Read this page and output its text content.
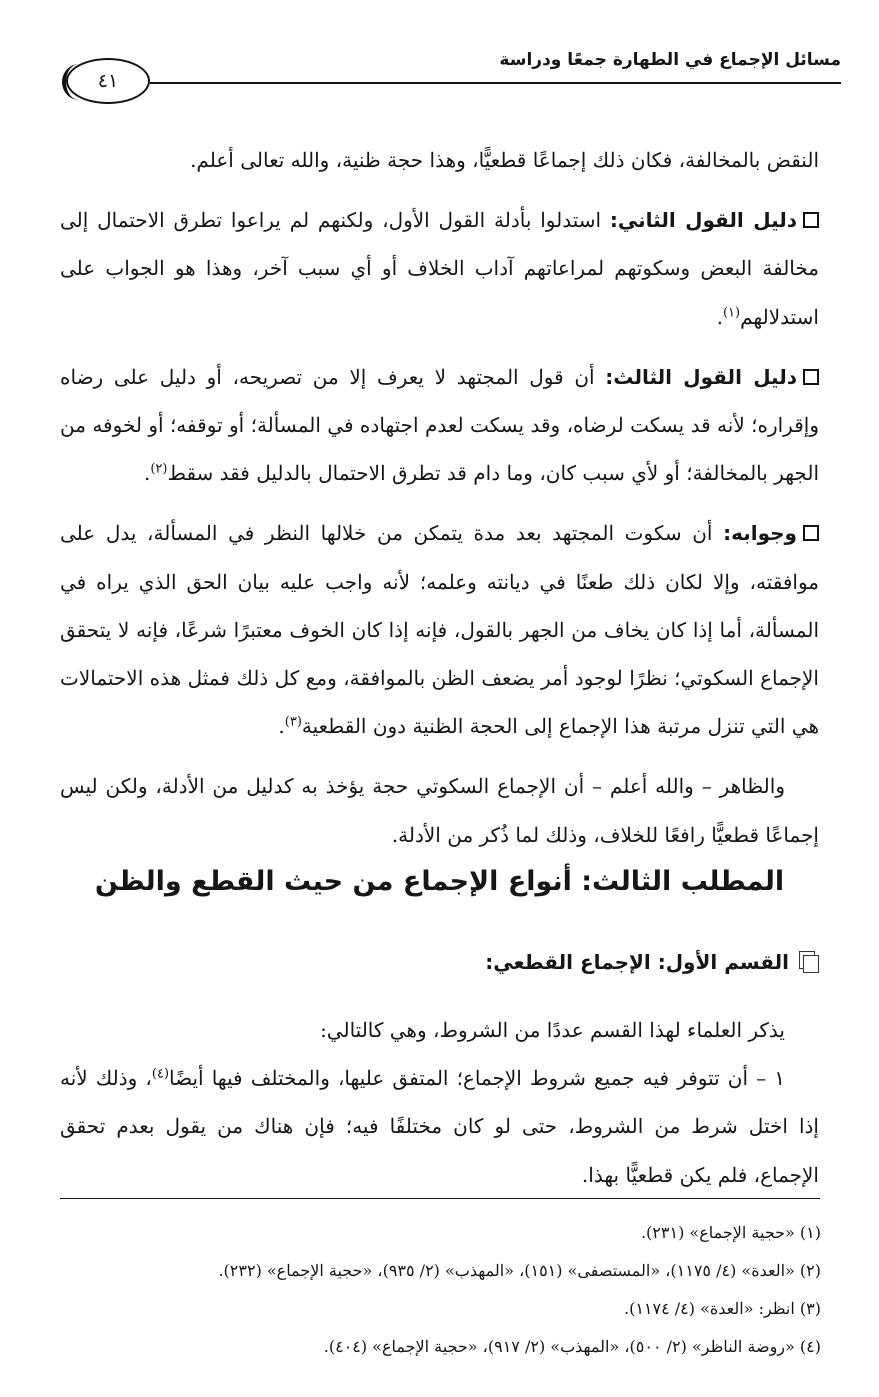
مسائل الإجماع في الطهارة جمعًا ودراسة
٤١

النقض بالمخالفة، فكان ذلك إجماعًا قطعيًّا، وهذا حجة ظنية، والله تعالى أعلم.

دليل القول الثاني: استدلوا بأدلة القول الأول، ولكنهم لم يراعوا تطرق الاحتمال إلى مخالفة البعض وسكوتهم لمراعاتهم آداب الخلاف أو أي سبب آخر، وهذا هو الجواب على استدلالهم$^{(١)}$.

دليل القول الثالث: أن قول المجتهد لا يعرف إلا من تصريحه، أو دليل على رضاه وإقراره؛ لأنه قد يسكت لرضاه، وقد يسكت لعدم اجتهاده في المسألة؛ أو توقفه؛ أو لخوفه من الجهر بالمخالفة؛ أو لأي سبب كان، وما دام قد تطرق الاحتمال بالدليل فقد سقط$^{(٢)}$.

وجوابه: أن سكوت المجتهد بعد مدة يتمكن من خلالها النظر في المسألة، يدل على موافقته، وإلا لكان ذلك طعنًا في ديانته وعلمه؛ لأنه واجب عليه بيان الحق الذي يراه في المسألة، أما إذا كان يخاف من الجهر بالقول، فإنه إذا كان الخوف معتبرًا شرعًا، فإنه لا يتحقق الإجماع السكوتي؛ نظرًا لوجود أمر يضعف الظن بالموافقة، ومع كل ذلك فمثل هذه الاحتمالات هي التي تنزل مرتبة هذا الإجماع إلى الحجة الظنية دون القطعية$^{(٣)}$.

والظاهر – والله أعلم – أن الإجماع السكوتي حجة يؤخذ به كدليل من الأدلة، ولكن ليس إجماعًا قطعيًّا رافعًا للخلاف، وذلك لما ذُكر من الأدلة.

المطلب الثالث: أنواع الإجماع من حيث القطع والظن
القسم الأول: الإجماع القطعي:

يذكر العلماء لهذا القسم عددًا من الشروط، وهي كالتالي:

١ – أن تتوفر فيه جميع شروط الإجماع؛ المتفق عليها، والمختلف فيها أيضًا$^{(٤)}$، وذلك لأنه إذا اختل شرط من الشروط، حتى لو كان مختلفًا فيه؛ فإن هناك من يقول بعدم تحقق الإجماع، فلم يكن قطعيًّا بهذا.

(١) «حجية الإجماع» (٢٣١).

(٢) «العدة» (٤/ ١١٧٥)، «المستصفى» (١٥١)، «المهذب» (٢/ ٩٣٥)، «حجية الإجماع» (٢٣٢).

(٣) انظر: «العدة» (٤/ ١١٧٤).

(٤) «روضة الناظر» (٢/ ٥٠٠)، «المهذب» (٢/ ٩١٧)، «حجية الإجماع» (٤٠٤).
